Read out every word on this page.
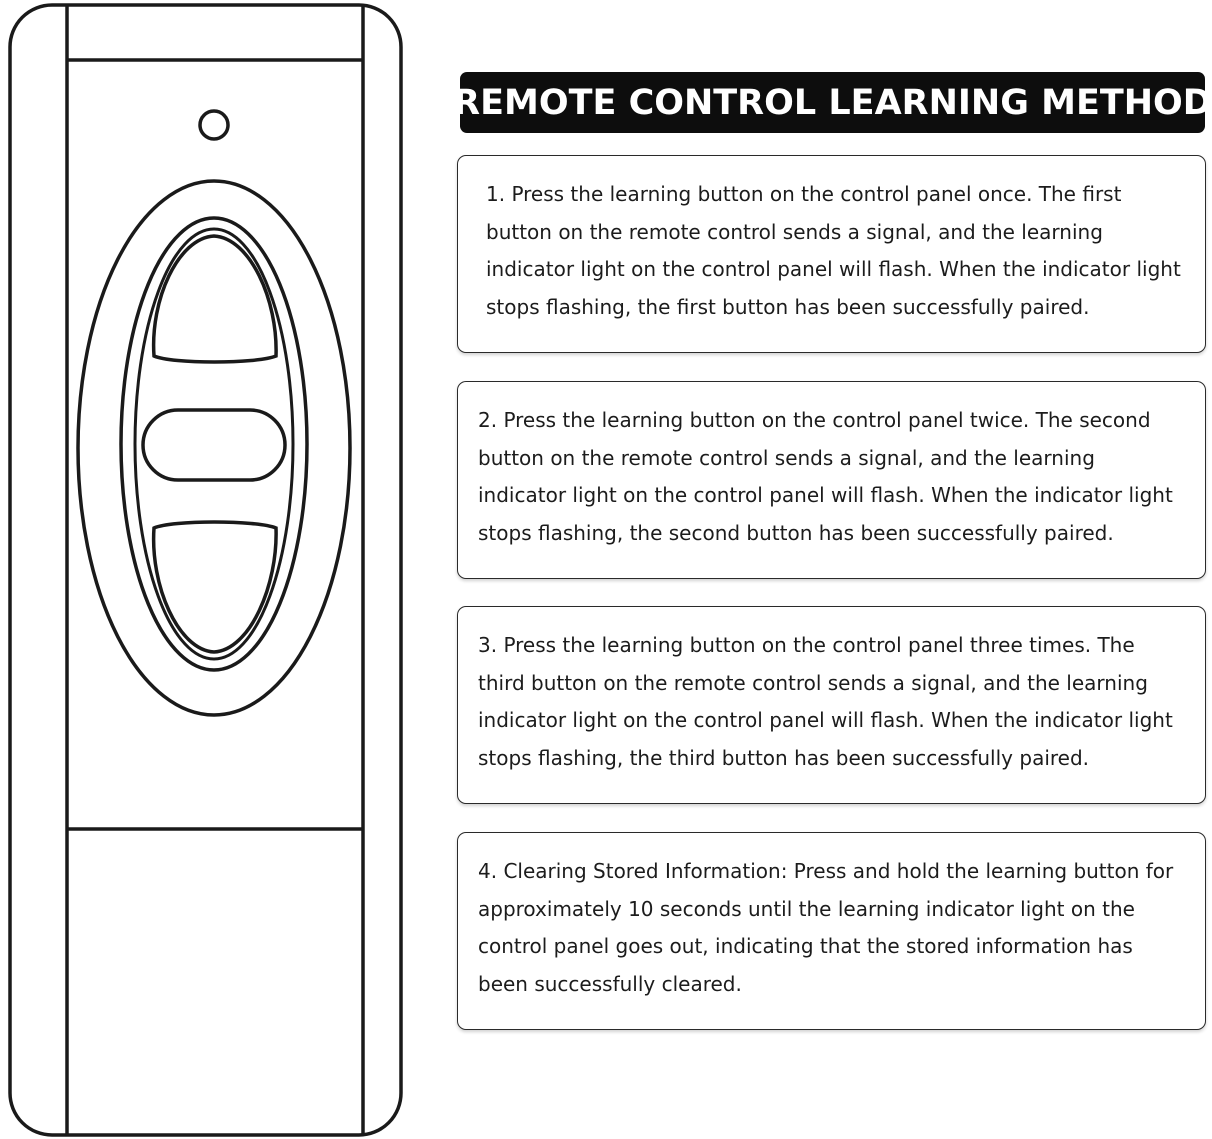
REMOTE CONTROL LEARNING METHOD

1. Press the learning button on the control panel once. The first button on the remote control sends a signal, and the learning indicator light on the control panel will flash. When the indicator light stops flashing, the first button has been successfully paired.

2. Press the learning button on the control panel twice. The second button on the remote control sends a signal, and the learning indicator light on the control panel will flash. When the indicator light stops flashing, the second button has been successfully paired.

3. Press the learning button on the control panel three times. The third button on the remote control sends a signal, and the learning indicator light on the control panel will flash. When the indicator light stops flashing, the third button has been successfully paired.

4. Clearing Stored Information: Press and hold the learning button for approximately 10 seconds until the learning indicator light on the control panel goes out, indicating that the stored information has been successfully cleared.
